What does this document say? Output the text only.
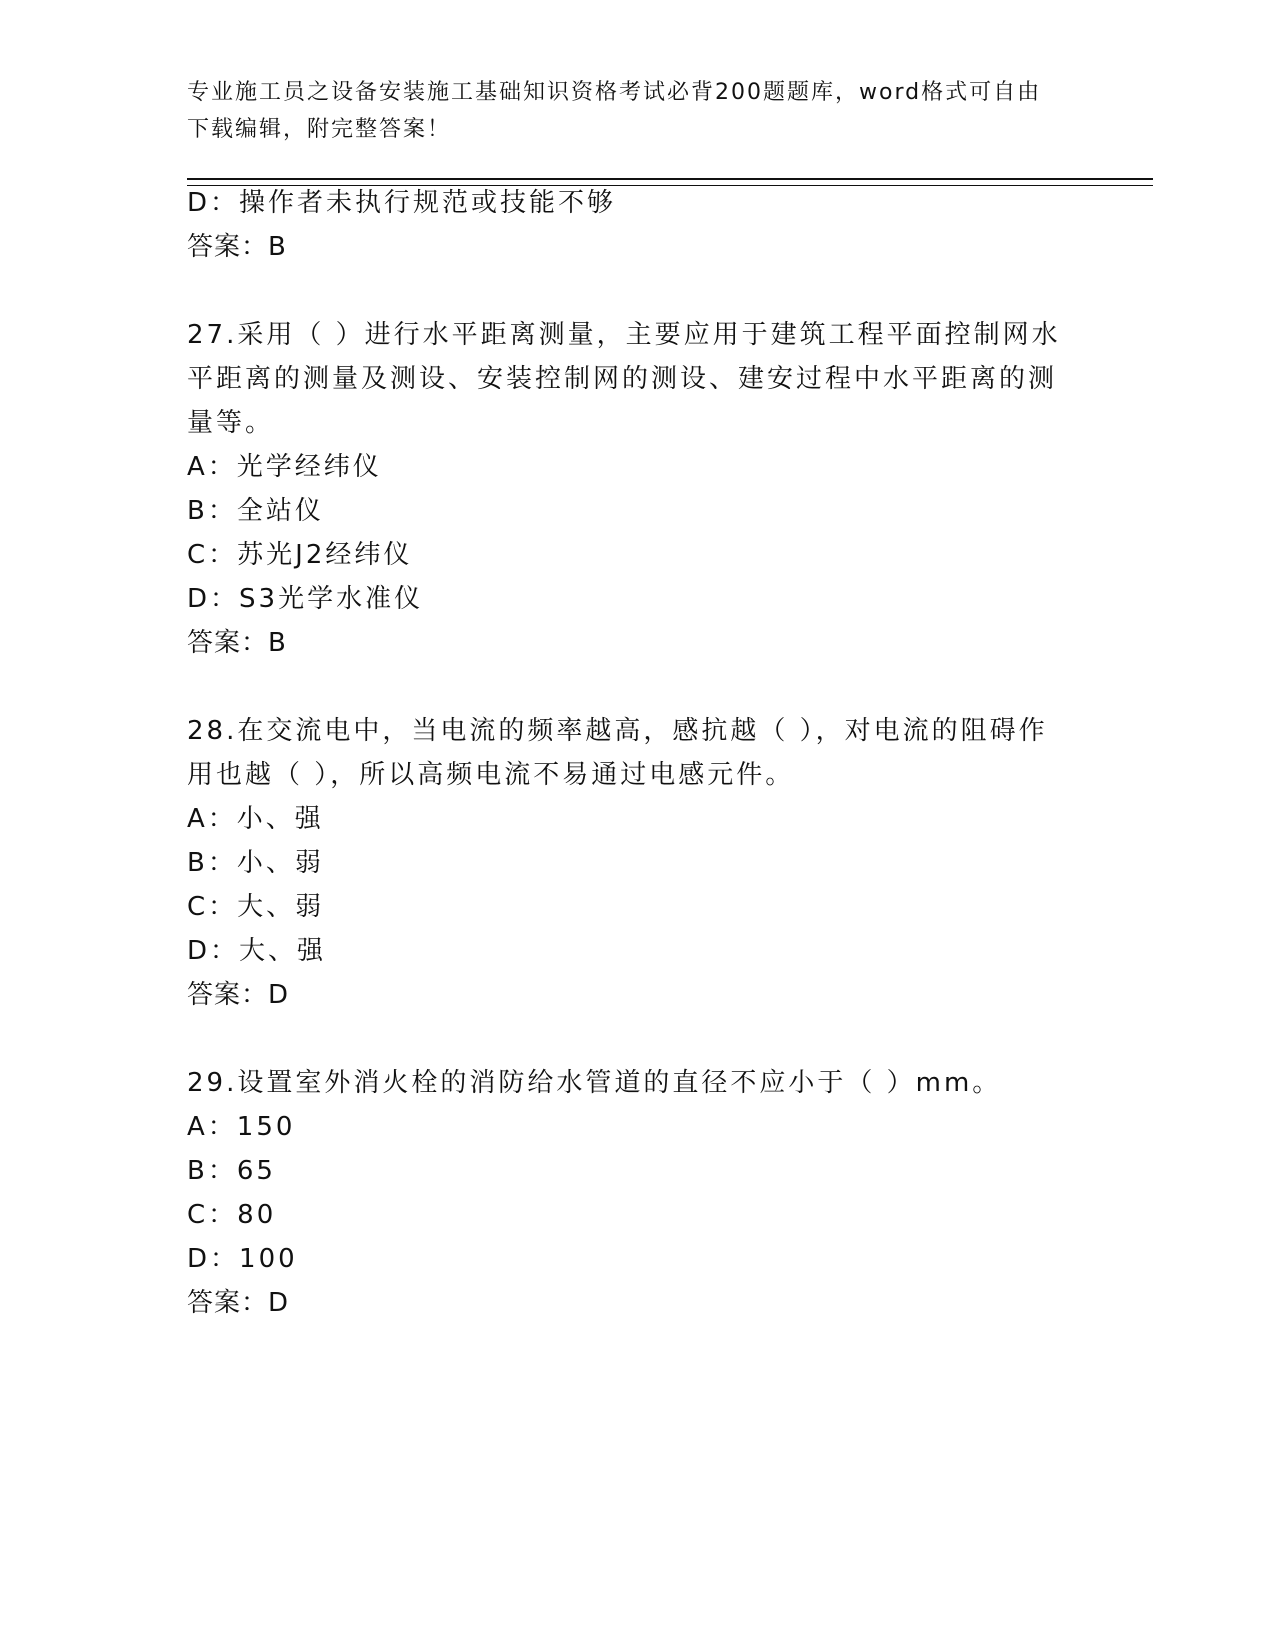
专业施工员之设备安装施工基础知识资格考试必背200题题库，word格式可自由
下载编辑，附完整答案！
D：操作者未执行规范或技能不够
答案：B
27.采用（ ）进行水平距离测量，主要应用于建筑工程平面控制网水
平距离的测量及测设、安装控制网的测设、建安过程中水平距离的测
量等。
A：光学经纬仪
B：全站仪
C：苏光J2经纬仪
D：S3光学水准仪
答案：B
28.在交流电中，当电流的频率越高，感抗越（ ），对电流的阻碍作
用也越（ ），所以高频电流不易通过电感元件。
A：小、强
B：小、弱
C：大、弱
D：大、强
答案：D
29.设置室外消火栓的消防给水管道的直径不应小于（ ）mm。
A：150
B：65
C：80
D：100
答案：D
